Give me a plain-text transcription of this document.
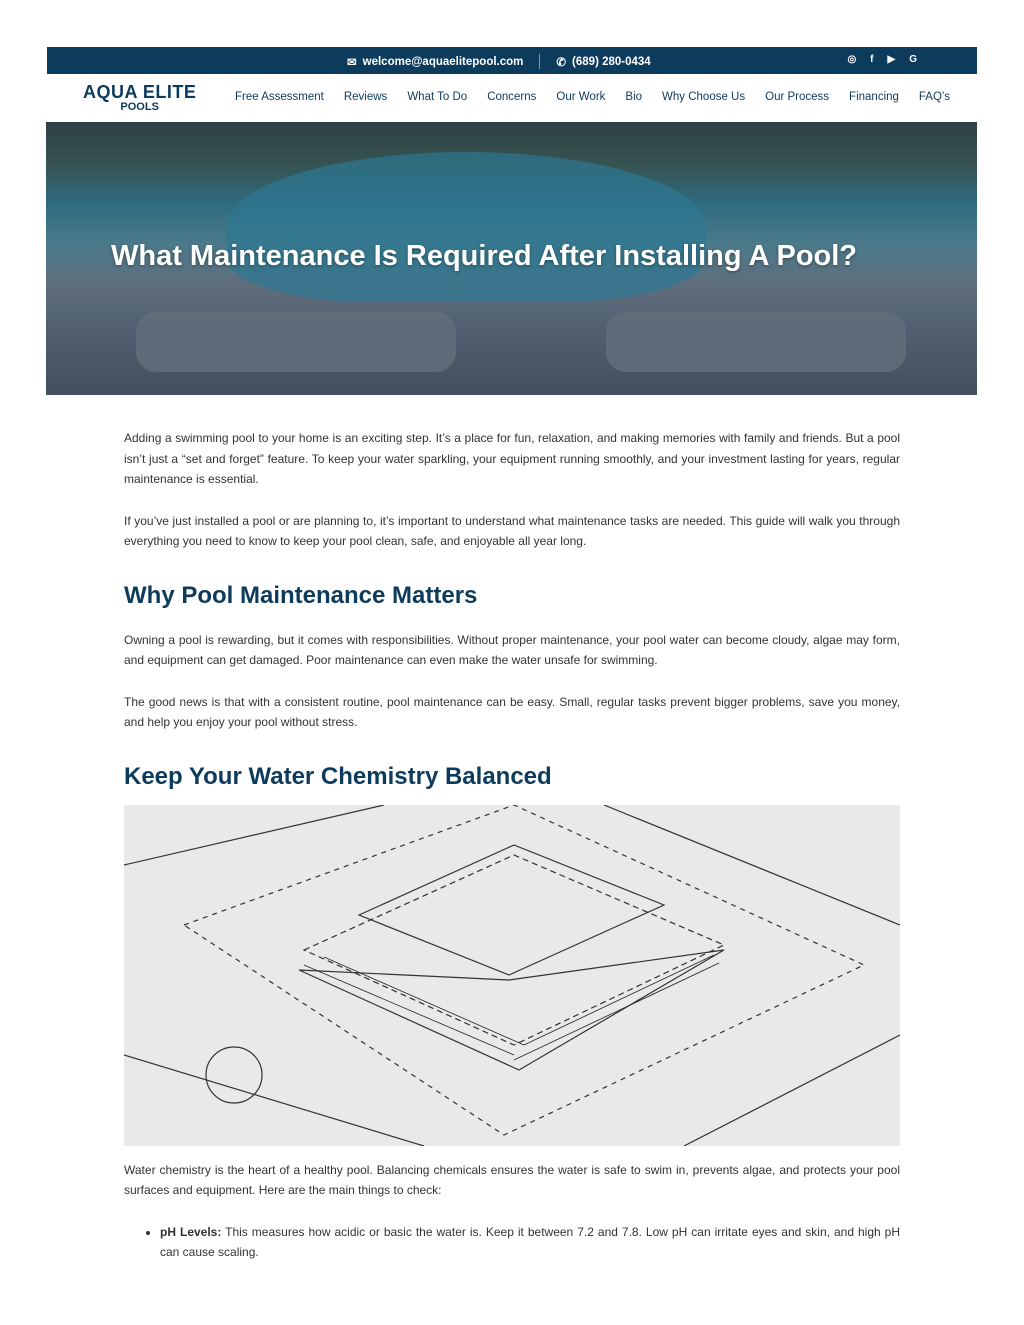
✉ welcome@aquaelitepool.com	✆ (689) 280-0434	◎ f ▶ G
AQUA ELITE
POOLS
Free Assessment Reviews What To Do Concerns Our Work Bio Why Choose Us Our Process Financing FAQ’s
What Maintenance Is Required After Installing A Pool?

Adding a swimming pool to your home is an exciting step. It’s a place for fun, relaxation, and making memories with family and friends. But a pool isn’t just a “set and forget” feature. To keep your water sparkling, your equipment running smoothly, and your investment lasting for years, regular maintenance is essential.

If you’ve just installed a pool or are planning to, it’s important to understand what maintenance tasks are needed. This guide will walk you through everything you need to know to keep your pool clean, safe, and enjoyable all year long.

Why Pool Maintenance Matters

Owning a pool is rewarding, but it comes with responsibilities. Without proper maintenance, your pool water can become cloudy, algae may form, and equipment can get damaged. Poor maintenance can even make the water unsafe for swimming.

The good news is that with a consistent routine, pool maintenance can be easy. Small, regular tasks prevent bigger problems, save you money, and help you enjoy your pool without stress.

Keep Your Water Chemistry Balanced

Water chemistry is the heart of a healthy pool. Balancing chemicals ensures the water is safe to swim in, prevents algae, and protects your pool surfaces and equipment. Here are the main things to check:

• pH Levels: This measures how acidic or basic the water is. Keep it between 7.2 and 7.8. Low pH can irritate eyes and skin, and high pH can cause scaling.
